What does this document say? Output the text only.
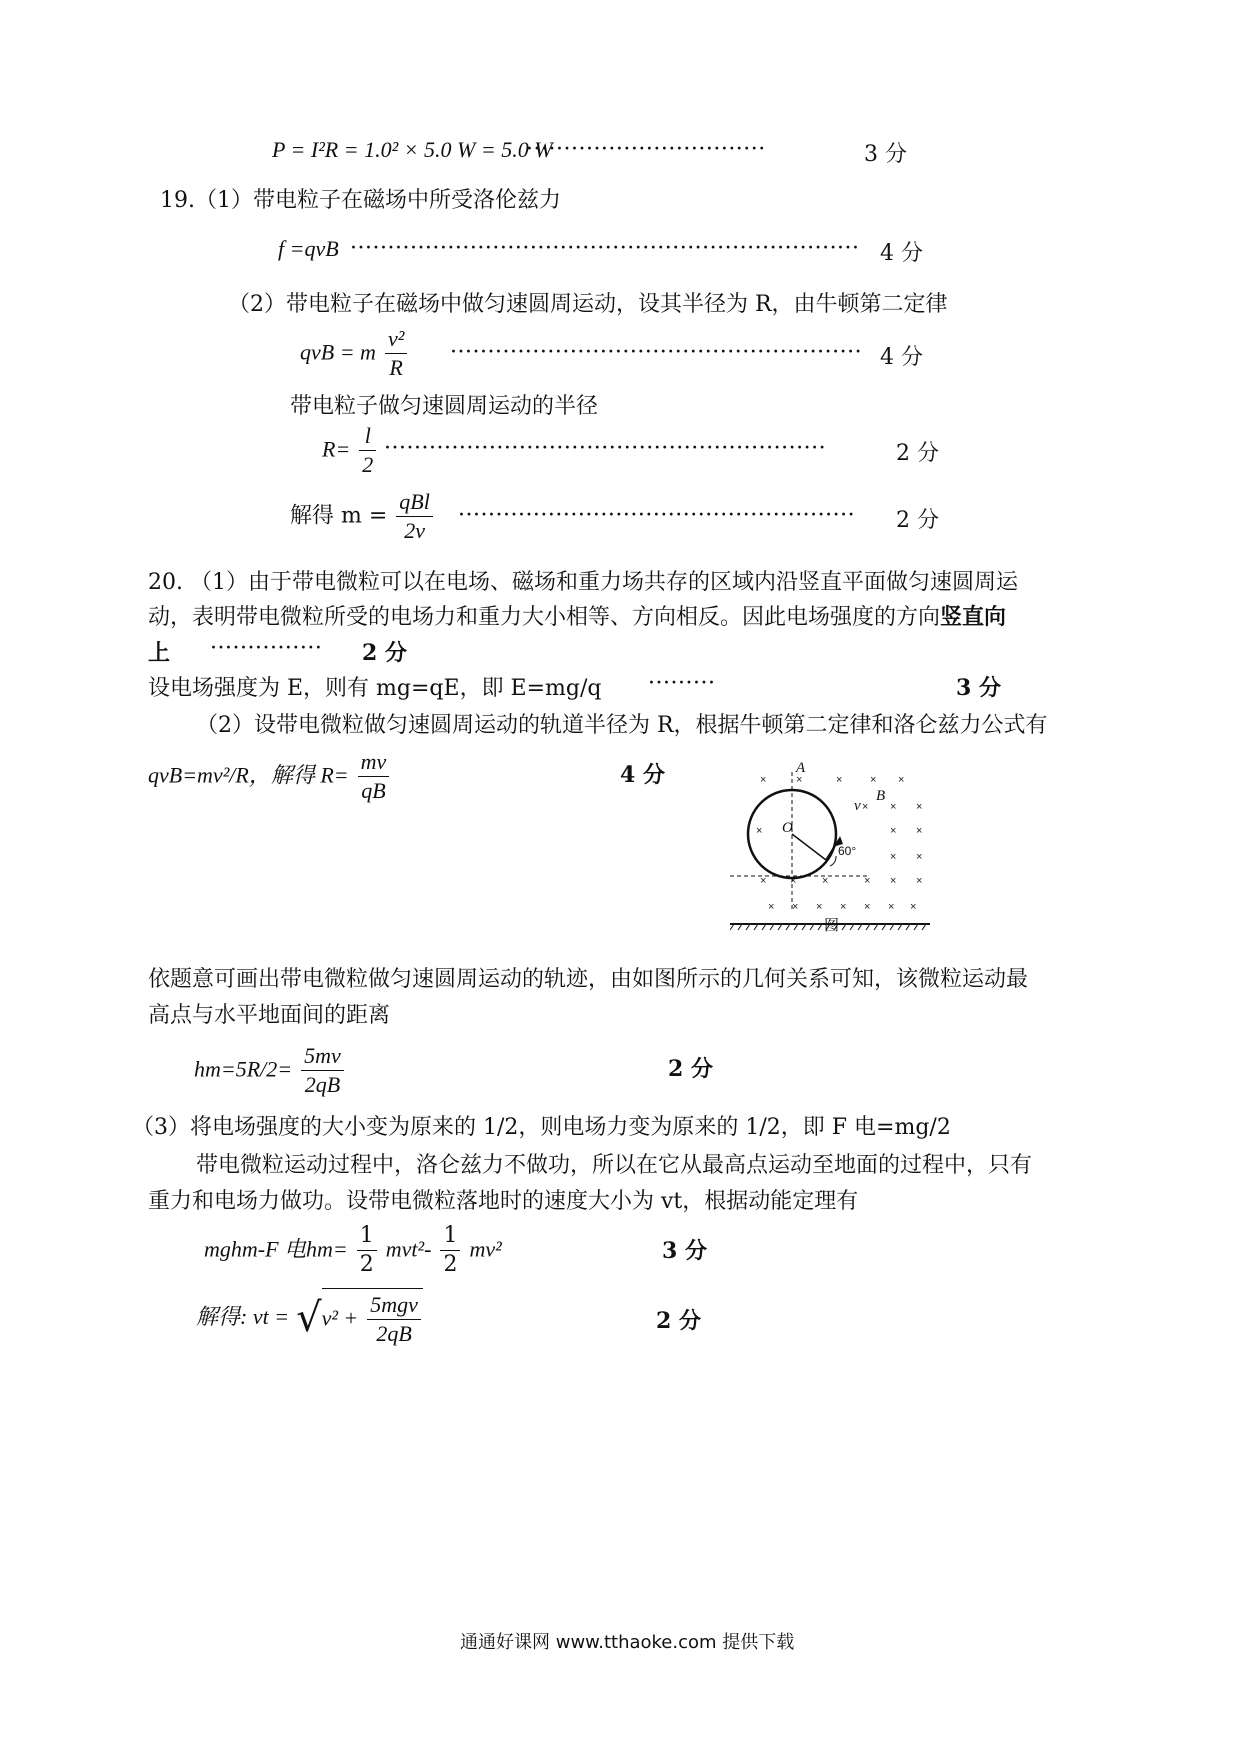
P = I²R = 1.0² × 5.0 W = 5.0 W
································	3 分
19.（1）带电粒子在磁场中所受洛伦兹力
f =qvB ···································································· 4 分
（2）带电粒子在磁场中做匀速圆周运动，设其半径为 R，由牛顿第二定律
qvB = m $\frac{\text{v²}}{R}$ ······················································· 4 分
带电粒子做匀速圆周运动的半径
$R= \frac{l}{2}$ ···························································	2 分
解得 $m = \frac{\text{qBl}}{2v}$ ····················································· 2 分
20. （1）由于带电微粒可以在电场、磁场和重力场共存的区域内沿竖直平面做匀速圆周运
动，表明带电微粒所受的电场力和重力大小相等、方向相反。因此电场强度的方向竖直向
上 ··············· 2 分
设电场强度为 E，则有 mg=qE，即 E=mg/q ·········	3 分
（2）设带电微粒做匀速圆周运动的轨道半径为 R，根据牛顿第二定律和洛仑兹力公式有
qvB=mv²/R，解得 $R= \frac{mv}{qB}$	4 分	×	×	×	× ×
× × ×
×	×
×
×
×
× × ×	× × ×
× × × × × × ×
A
B
O
v
60°
图
依题意可画出带电微粒做匀速圆周运动的轨迹，由如图所示的几何关系可知，该微粒运动最
高点与水平地面间的距离
$hm=5R/2= \frac{5mv}{2qB}$	2 分
（3）将电场强度的大小变为原来的 1/2，则电场力变为原来的 1/2，即 F 电=mg/2
带电微粒运动过程中，洛仑兹力不做功，所以在它从最高点运动至地面的过程中，只有
重力和电场力做功。设带电微粒落地时的速度大小为 vt，根据动能定理有
mghm-F 电$hm= \frac{1}{2} mvt^2- \frac{1}{2} mv^2$	3 分
解得: vt = $√v^2 + \frac{\text{5mgv}}{2qB}$	2 分
通通好课网 www.tthaoke.com 提供下载
